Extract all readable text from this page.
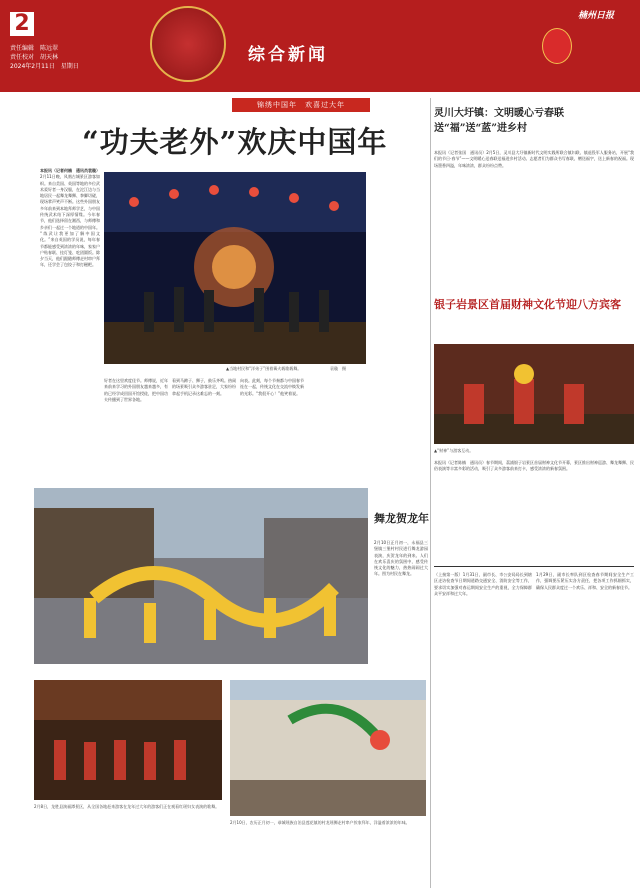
2
责任编辑　陈远翠
责任校对　胡天林
2024年2月11日　星期日
综合新闻
楠州日报
锦绣中国年　欢喜过大年
“功夫老外”欢庆中国年
本报讯（记者何楠　通讯员袁璇） 2月11日晚，凤凰古城景区游客如织。来自美国、英国等地的多位武术爱好者一身汉服，在沱江边与当地居民一起舞龙舞狮、拳脚切磋，现场掌声笑声不断。这些外国朋友多年前来到本地拜师学艺，与中国传统武术结下深厚情缘。今年春节，他们选择留在湘西，与师傅和乡亲们一起过一个地道的中国年。 “练武让我更加了解中国文化。”来自英国的学员说，每年春节都能感受到浓浓的年味，家家户户贴春联、挂灯笼、吃团圆饭。除夕当天，他们跟随师傅走村串户拜年，还学会了包饺子和打糍粑。
▲当地村民和“洋弟子”围着篝火载歌载舞。	袁璇　摄
好者在这里欢度佳节。师傅说，近年来前来学习的外国朋友越来越多，有的已经学成回国开馆授徒，把中国功夫传播到了世界各地。
看到马蹄子、狮子，鼓乐齐鸣。热闹的场景吸引众多游客驻足，大家纷纷拿起手机记录这难忘的一刻。
向表。此刻，每个节奏都与中国春节连在一起，传统文化在交流中焕发新的光彩。“我很开心！”他笑着说。
舞龙贺龙年
2月10日正月初一，永福县三堡镇三堡村村民进行舞龙游园表演，庆贺龙年的到来。人们在欢乐喜庆的氛围中，感受传统文化的魅力，热热闹闹过大年。图为村民在舞龙。
2月8日，龙胜县演福潭景区，从全国各地赶来游客在龙年过大年的游客们正在观看红瑶妇女表演的歌舞。
2月10日，农历正月初一，恭城瑶族自治县莲花镇的村龙瑶狮走村串户挨家拜年，洋溢着浓浓的年味。
灵川大圩镇：文明暖心亏春联送“福”送“蓝”进乡村
本报讯（记者张国　通讯员）2月5日，灵川县大圩镇新时代文明实践所联合镇妇联、镇退役军人服务站，开展“我们的节日·春节”——文明暖心送春联送福进乡村活动。志愿者们为群众书写春联、赠送福字，送上新春的祝福。现场墨香四溢，年味浓浓，群众纷纷点赞。
银子岩景区首届财神文化节迎八方宾客
▲“财神”与游客互动。
本报讯（记者陈楠　通讯员）春节期间，荔浦银子岩景区首届财神文化节开幕，景区推出财神巡游、舞龙舞狮、民俗表演等丰富多彩的活动，吸引了众多游客前来打卡，感受浓浓的新春氛围。
（上接第一版）1月31日，副市长、市公安局局长到辖区走访检查节日期间道路交通安全、消防安全等工作，要求切实加强对春运期间安全生产的重视，全力保障群众平安祥和过大年。
1月29日，副市长率队到区检查春节期间安全生产工作，强调要压紧压实各方责任，把各项工作抓细抓实，确保人民群众度过一个欢乐、祥和、安全的新春佳节。
